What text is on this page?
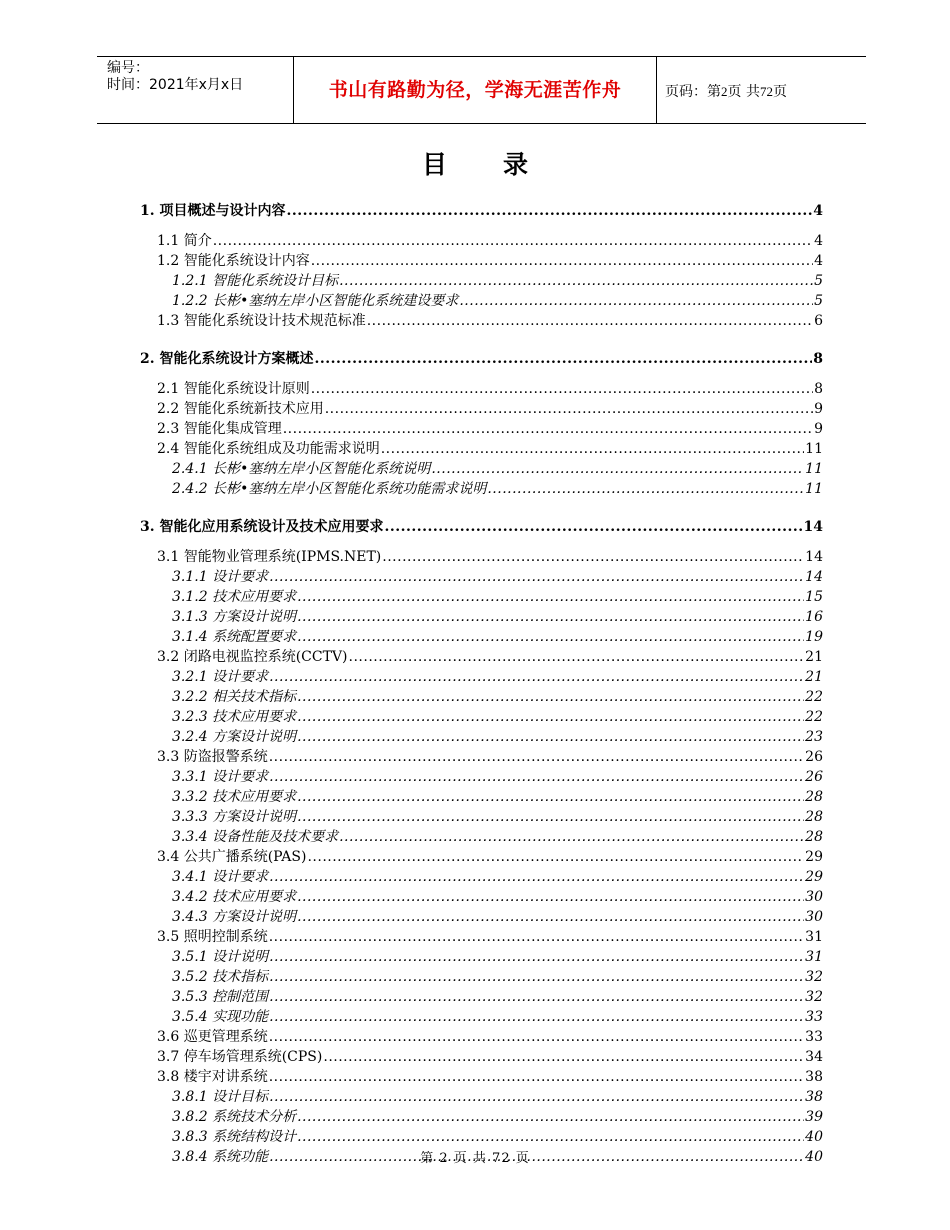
编号：
时间：2021年x月x日	书山有路勤为径，学海无涯苦作舟	页码：第2页 共72页
目 录
1. 项目概述与设计内容 .....	4
1.1 简介 .....	4
1.2 智能化系统设计内容 .....	4
1.2.1 智能化系统设计目标 .....	5
1.2.2 长彬•塞纳左岸小区智能化系统建设要求 .....	5
1.3 智能化系统设计技术规范标准 .....	6
2. 智能化系统设计方案概述 .....	8
2.1 智能化系统设计原则 .....	8
2.2 智能化系统新技术应用 .....	9
2.3 智能化集成管理 .....	9
2.4 智能化系统组成及功能需求说明 .....	11
2.4.1 长彬•塞纳左岸小区智能化系统说明 .....	11
2.4.2 长彬•塞纳左岸小区智能化系统功能需求说明 .....	11
3. 智能化应用系统设计及技术应用要求 .....	14
3.1 智能物业管理系统(IPMS.NET) .....	14
3.1.1 设计要求 .....	14
3.1.2 技术应用要求 .....	15
3.1.3 方案设计说明 .....	16
3.1.4 系统配置要求 .....	19
3.2 闭路电视监控系统(CCTV) .....	21
3.2.1 设计要求 .....	21
3.2.2 相关技术指标 .....	22
3.2.3 技术应用要求 .....	22
3.2.4 方案设计说明 .....	23
3.3 防盗报警系统 .....	26
3.3.1 设计要求 .....	26
3.3.2 技术应用要求 .....	28
3.3.3 方案设计说明 .....	28
3.3.4 设备性能及技术要求 .....	28
3.4 公共广播系统(PAS) .....	29
3.4.1 设计要求 .....	29
3.4.2 技术应用要求 .....	30
3.4.3 方案设计说明 .....	30
3.5 照明控制系统 .....	31
3.5.1 设计说明 .....	31
3.5.2 技术指标 .....	32
3.5.3 控制范围 .....	32
3.5.4 实现功能 .....	33
3.6 巡更管理系统 .....	33
3.7 停车场管理系统(CPS) .....	34
3.8 楼宇对讲系统 .....	38
3.8.1 设计目标 .....	38
3.8.2 系统技术分析 .....	39
3.8.3 系统结构设计 .....	40
3.8.4 系统功能 .....	40
第 2 页 共 72 页
